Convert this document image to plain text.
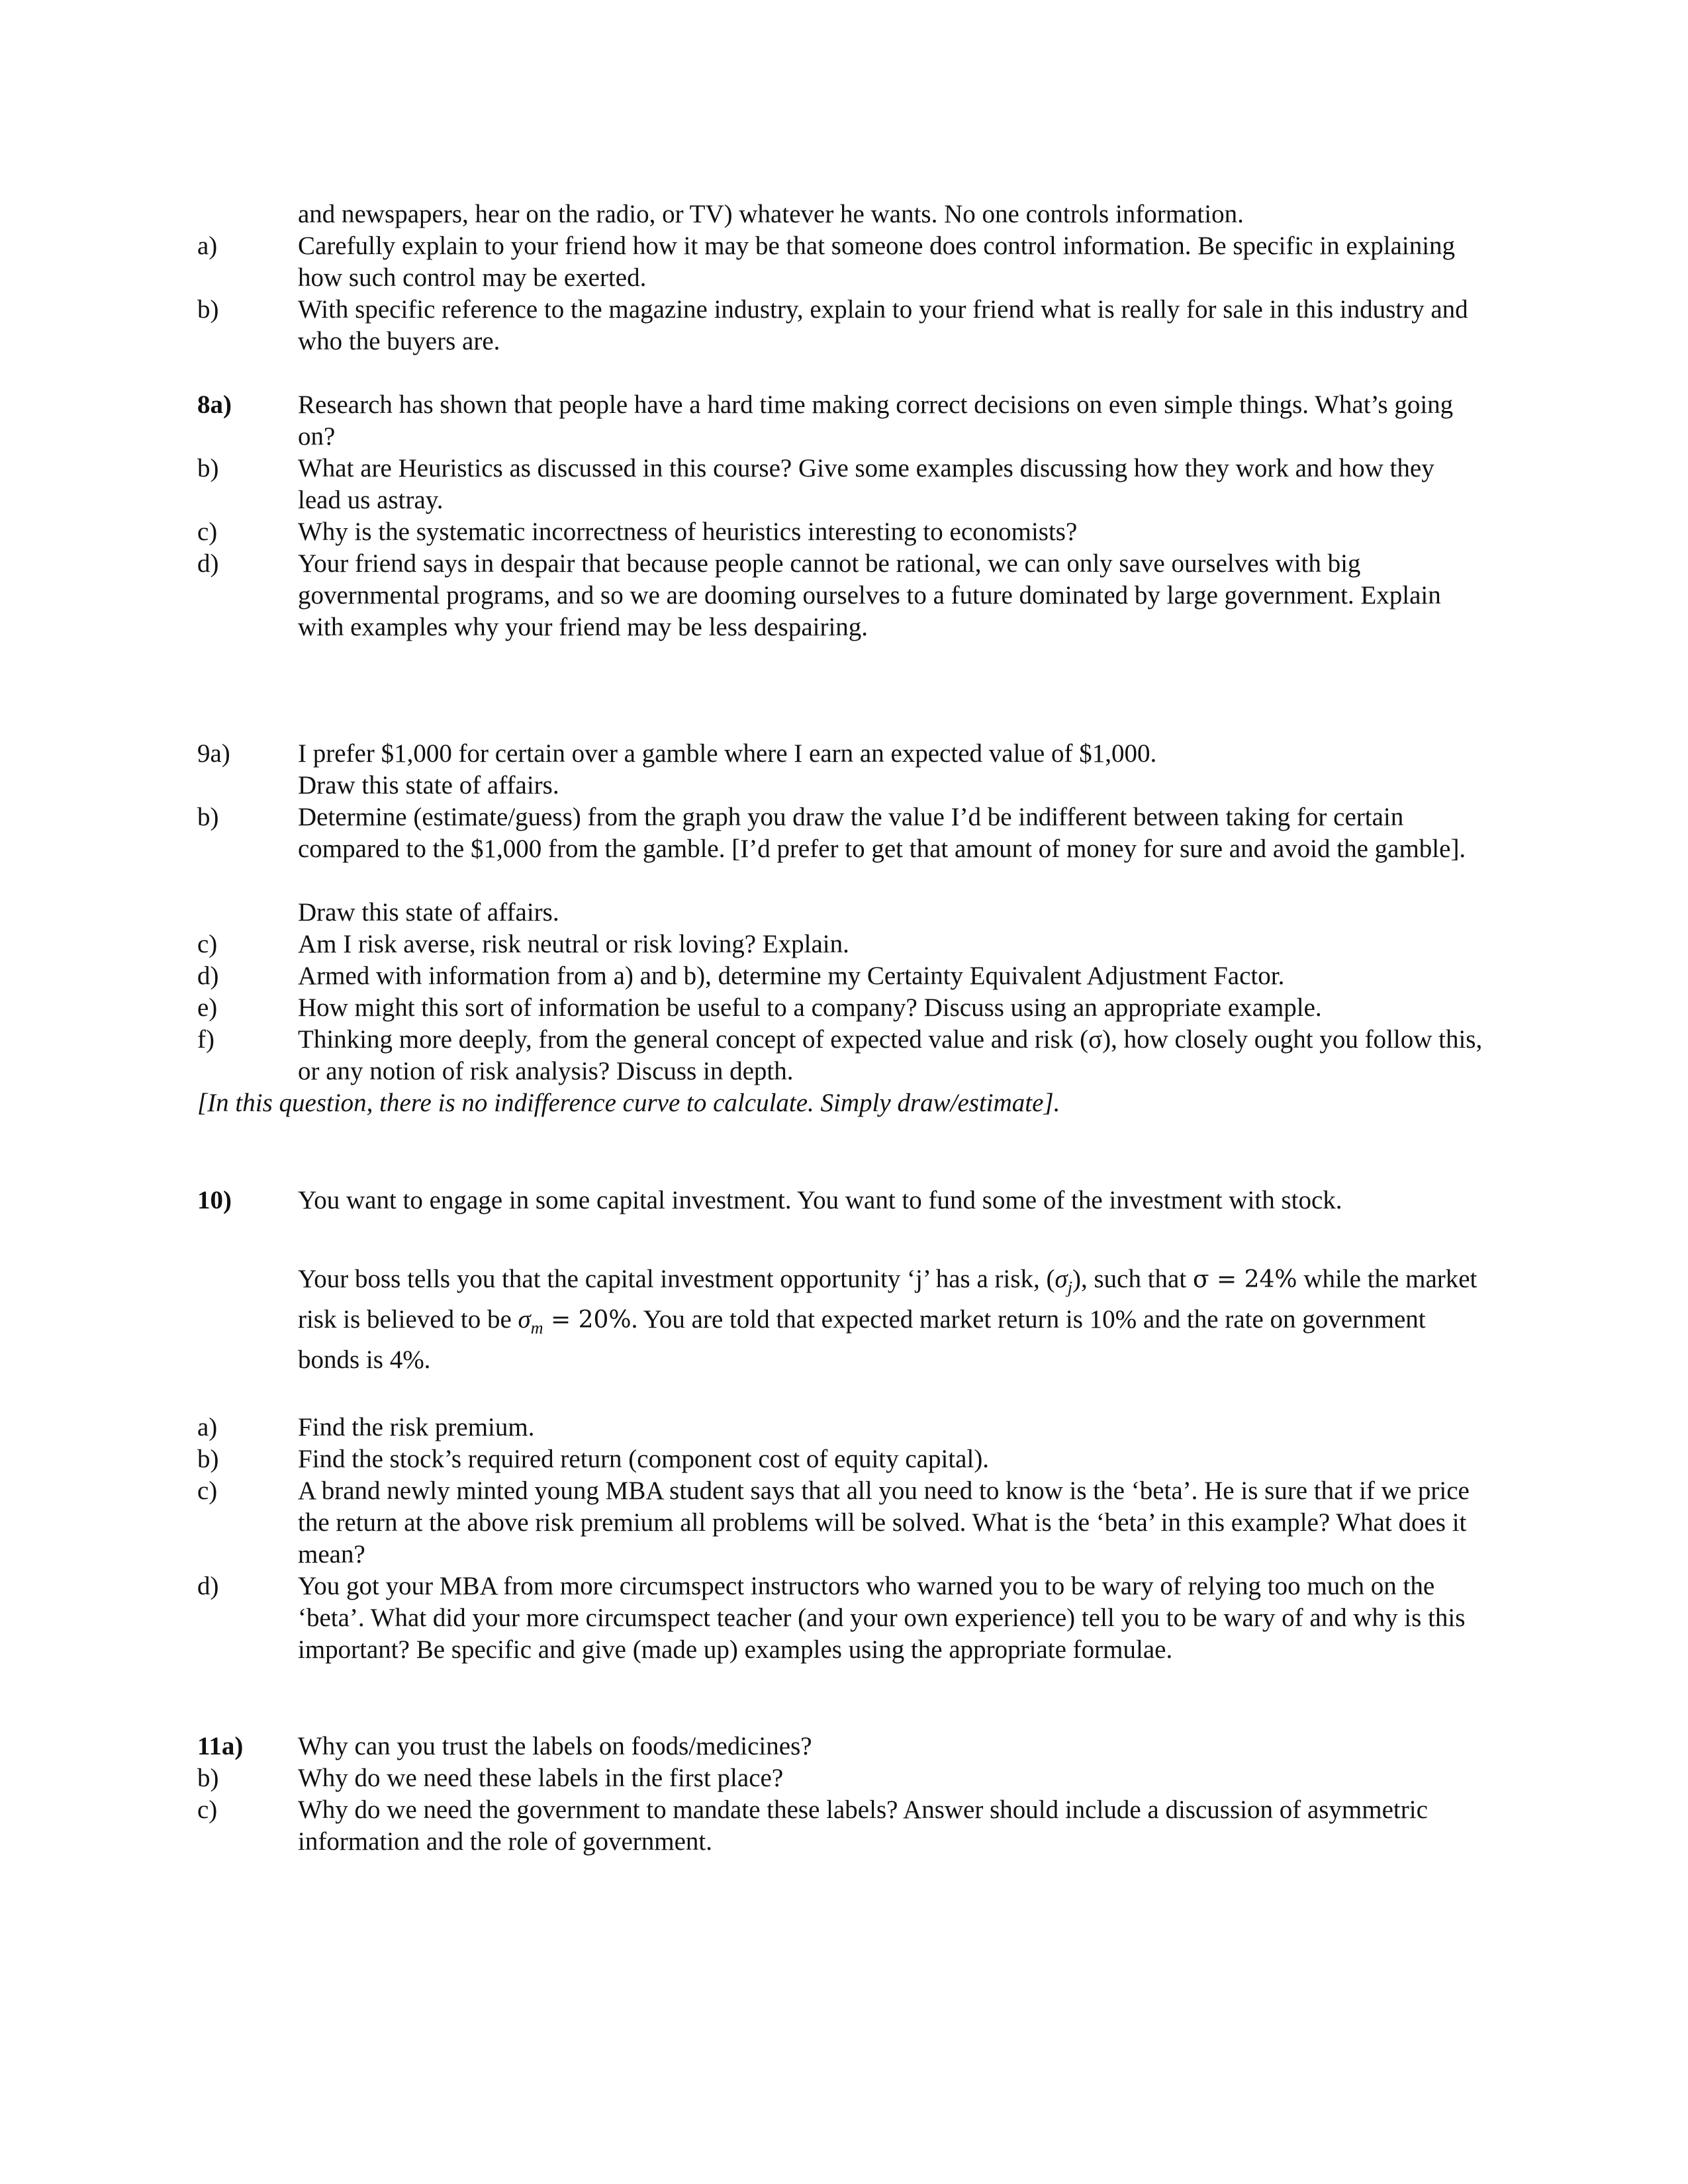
and newspapers, hear on the radio, or TV) whatever he wants. No one controls information.
a)	Carefully explain to your friend how it may be that someone does control information. Be specific in explaining how such control may be exerted.
b)	With specific reference to the magazine industry, explain to your friend what is really for sale in this industry and who the buyers are.
8a)	Research has shown that people have a hard time making correct decisions on even simple things. What’s going on?
b)	What are Heuristics as discussed in this course? Give some examples discussing how they work and how they lead us astray.
c)	Why is the systematic incorrectness of heuristics interesting to economists?
d)	Your friend says in despair that because people cannot be rational, we can only save ourselves with big governmental programs, and so we are dooming ourselves to a future dominated by large government. Explain with examples why your friend may be less despairing.
9a)	I prefer $1,000 for certain over a gamble where I earn an expected value of $1,000.
Draw this state of affairs.
b)	Determine (estimate/guess) from the graph you draw the value I’d be indifferent between taking for certain compared to the $1,000 from the gamble. [I’d prefer to get that amount of money for sure and avoid the gamble].
Draw this state of affairs.
c)	Am I risk averse, risk neutral or risk loving? Explain.
d)	Armed with information from a) and b), determine my Certainty Equivalent Adjustment Factor.
e)	How might this sort of information be useful to a company? Discuss using an appropriate example.
f)	Thinking more deeply, from the general concept of expected value and risk (σ), how closely ought you follow this, or any notion of risk analysis? Discuss in depth.
[In this question, there is no indifference curve to calculate. Simply draw/estimate].
10)	You want to engage in some capital investment. You want to fund some of the investment with stock.
Your boss tells you that the capital investment opportunity ‘j’ has a risk, $(\sigma_j)$, such that σ = 24% while the market risk is believed to be $\sigma_m = 20\%$. You are told that expected market return is 10% and the rate on government bonds is 4%.
a)	Find the risk premium.
b)	Find the stock’s required return (component cost of equity capital).
c)	A brand newly minted young MBA student says that all you need to know is the ‘beta’. He is sure that if we price the return at the above risk premium all problems will be solved. What is the ‘beta’ in this example? What does it mean?
d)	You got your MBA from more circumspect instructors who warned you to be wary of relying too much on the ‘beta’. What did your more circumspect teacher (and your own experience) tell you to be wary of and why is this important? Be specific and give (made up) examples using the appropriate formulae.
11a) Why can you trust the labels on foods/medicines?
b)	Why do we need these labels in the first place?
c)	Why do we need the government to mandate these labels? Answer should include a discussion of asymmetric information and the role of government.
